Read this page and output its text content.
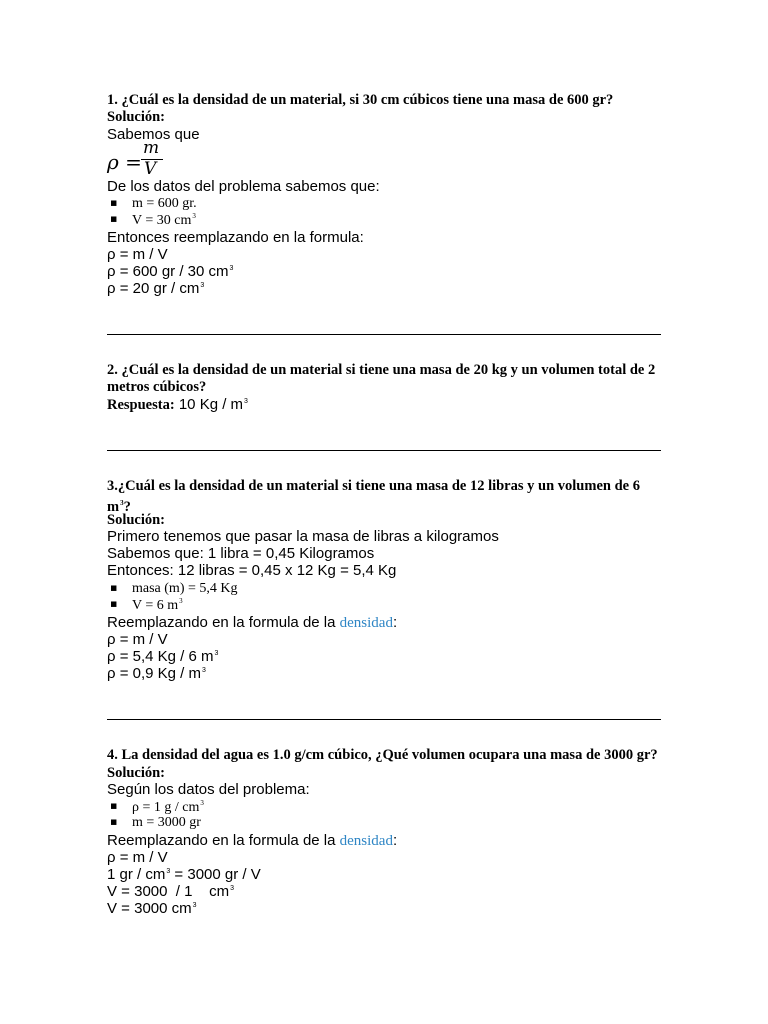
1. ¿Cuál es la densidad de un material, si 30 cm cúbicos tiene una masa de 600 gr?
Solución:
Sabemos que
ρ =
m
V
De los datos del problema sabemos que:
▪ m = 600 gr.
▪ V = 30 $cm^3$
Entonces reemplazando en la formula:
ρ = m / V
ρ = 600 gr / 30 $cm^3$
ρ = 20 gr / $cm^3$
2. ¿Cuál es la densidad de un material si tiene una masa de 20 kg y un volumen total de 2
metros cúbicos?
Respuesta: 10 Kg / $m^3$
3.¿Cuál es la densidad de un material si tiene una masa de 12 libras y un volumen de 6
$m^3$?
Solución:
Primero tenemos que pasar la masa de libras a kilogramos
Sabemos que: 1 libra = 0,45 Kilogramos
Entonces: 12 libras = 0,45 x 12 Kg = 5,4 Kg
▪ masa (m) = 5,4 Kg
▪ V = 6 $m^3$
Reemplazando en la formula de la densidad:
ρ = m / V
ρ = 5,4 Kg / 6 $m^3$
ρ = 0,9 Kg / $m^3$
4. La densidad del agua es 1.0 g/cm cúbico, ¿Qué volumen ocupara una masa de 3000 gr?
Solución:
Según los datos del problema:
▪ ρ = 1 g / $cm^3$
▪ m = 3000 gr
Reemplazando en la formula de la densidad:
ρ = m / V
1 gr / $cm^3 = 3000$ gr / V
V = 3000  / 1    $cm^3$
V = 3000 $cm^3$
